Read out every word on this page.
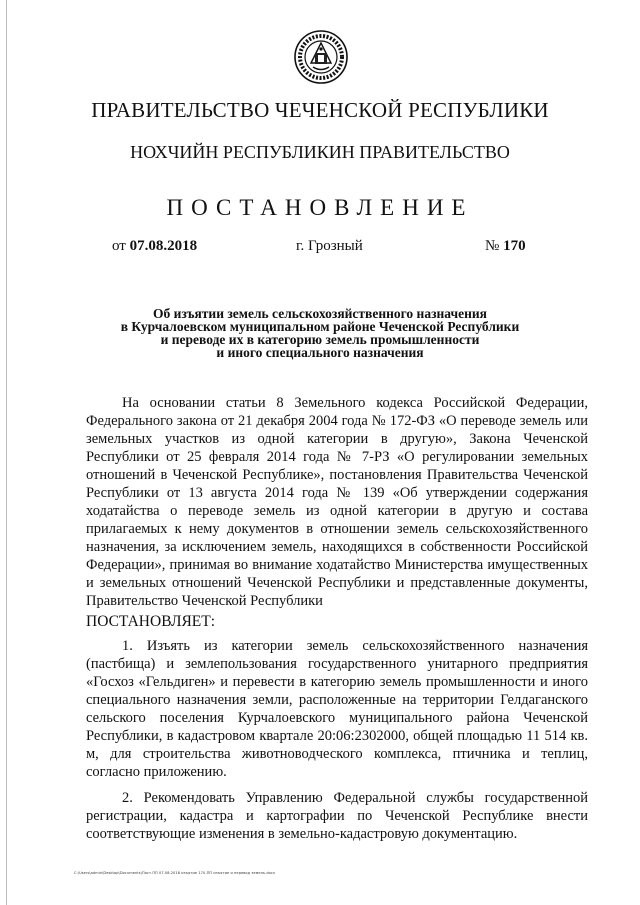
ПРАВИТЕЛЬСТВО ЧЕЧЕНСКОЙ РЕСПУБЛИКИ
НОХЧИЙН РЕСПУБЛИКИН ПРАВИТЕЛЬСТВО
ПОСТАНОВЛЕНИЕ
от 07.08.2018	г. Грозный	№ 170
Об изъятии земель сельскохозяйственного назначения
в Курчалоевском муниципальном районе Чеченской Республики
и переводе их в категорию земель промышленности
и иного специального назначения

На основании статьи 8 Земельного кодекса Российской Федерации, Федерального закона от 21 декабря 2004 года № 172-ФЗ «О переводе земель или земельных участков из одной категории в другую», Закона Чеченской Республики от 25 февраля 2014 года № 7-РЗ «О регулировании земельных отношений в Чеченской Республике», постановления Правительства Чеченской Республики от 13 августа 2014 года № 139 «Об утверждении содержания ходатайства о переводе земель из одной категории в другую и состава прилагаемых к нему документов в отношении земель сельскохозяйственного назначения, за исключением земель, находящихся в собственности Российской Федерации», принимая во внимание ходатайство Министерства имущественных и земельных отношений Чеченской Республики и представленные документы, Правительство Чеченской Республики

ПОСТАНОВЛЯЕТ:

1. Изъять из категории земель сельскохозяйственного назначения (пастбища) и землепользования государственного унитарного предприятия «Госхоз «Гельдиген» и перевести в категорию земель промышленности и иного специального назначения земли, расположенные на территории Гелдаганского сельского поселения Курчалоевского муниципального района Чеченской Республики, в кадастровом квартале 20:06:2302000, общей площадью 11 514 кв. м, для строительства животноводческого комплекса, птичника и теплиц, согласно приложению.

2. Рекомендовать Управлению Федеральной службы государственной регистрации, кадастра и картографии по Чеченской Республике внести соответствующие изменения в земельно-кадастровую документацию.

С:\Users\admin\Desktop\Documents\Пост.ПП 07.08.2018 изъятие 170-ПП изъятие и перевод земель.docx
